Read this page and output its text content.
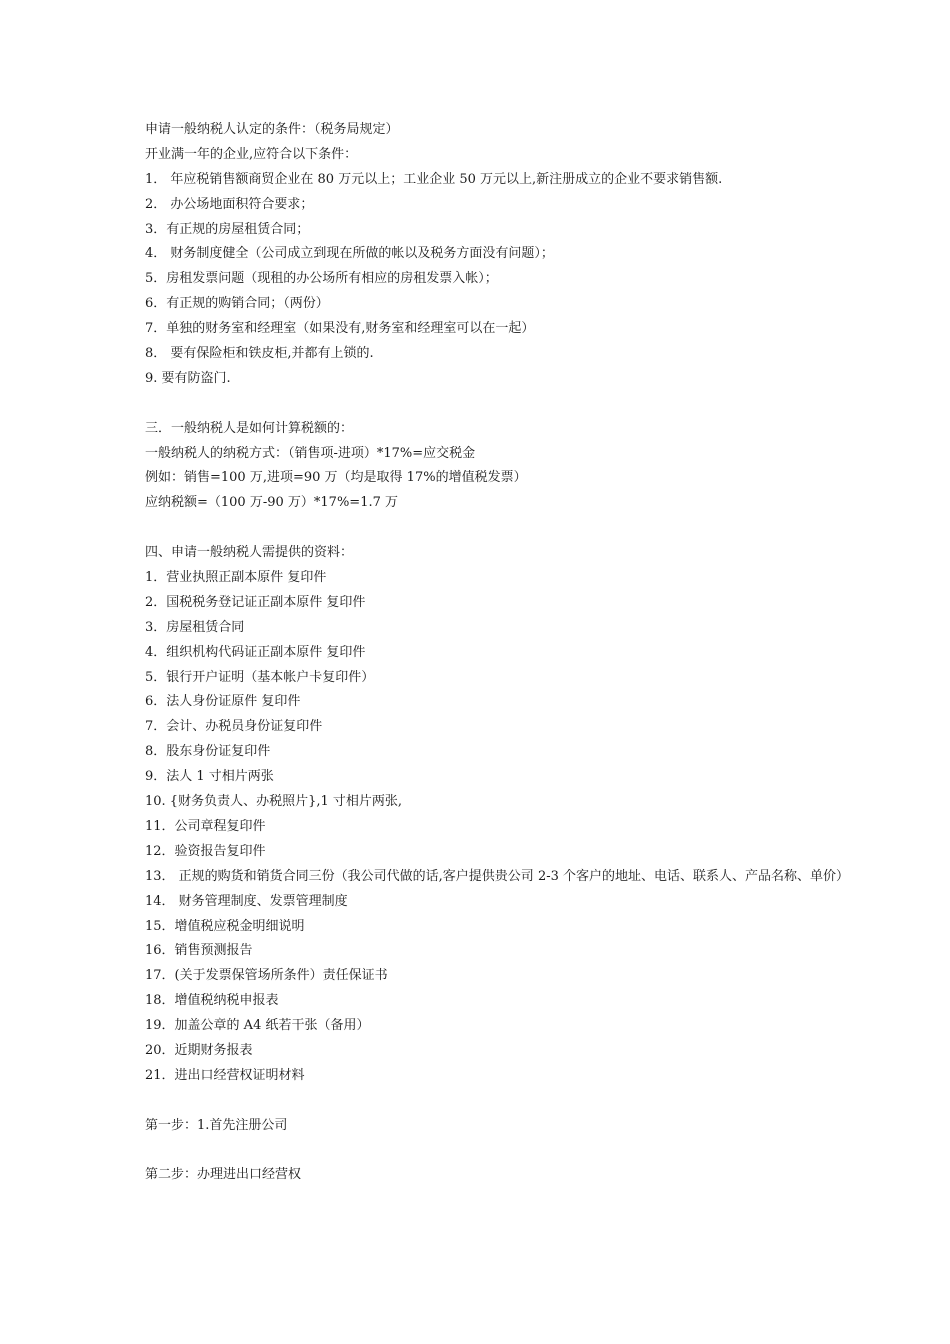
申请一般纳税人认定的条件：（税务局规定）
开业满一年的企业,应符合以下条件：
1． 年应税销售额商贸企业在 80 万元以上；工业企业 50 万元以上,新注册成立的企业不要求销售额.
2． 办公场地面积符合要求；
3．有正规的房屋租赁合同；
4． 财务制度健全（公司成立到现在所做的帐以及税务方面没有问题）；
5．房租发票问题（现租的办公场所有相应的房租发票入帐）；
6．有正规的购销合同；（两份）
7．单独的财务室和经理室（如果没有,财务室和经理室可以在一起）
8． 要有保险柜和铁皮柜,并都有上锁的.
9. 要有防盗门.
三．一般纳税人是如何计算税额的：
一般纳税人的纳税方式：（销售项-进项）*17%=应交税金
例如：销售=100 万,进项=90 万（均是取得 17%的增值税发票）
应纳税额=（100 万-90 万）*17%=1.7 万
四、申请一般纳税人需提供的资料：
1．营业执照正副本原件 复印件
2．国税税务登记证正副本原件 复印件
3．房屋租赁合同
4．组织机构代码证正副本原件 复印件
5．银行开户证明（基本帐户卡复印件）
6．法人身份证原件 复印件
7．会计、办税员身份证复印件
8．股东身份证复印件
9．法人 1 寸相片两张
10. {财务负责人、办税照片},1 寸相片两张,
11．公司章程复印件
12．验资报告复印件
13． 正规的购货和销货合同三份（我公司代做的话,客户提供贵公司 2-3 个客户的地址、电话、联系人、产品名称、单价）
14． 财务管理制度、发票管理制度
15．增值税应税金明细说明
16．销售预测报告
17．(关于发票保管场所条件）责任保证书
18．增值税纳税申报表
19．加盖公章的 A4 纸若干张（备用）
20．近期财务报表
21．进出口经营权证明材料
第一步：1.首先注册公司
第二步：办理进出口经营权
